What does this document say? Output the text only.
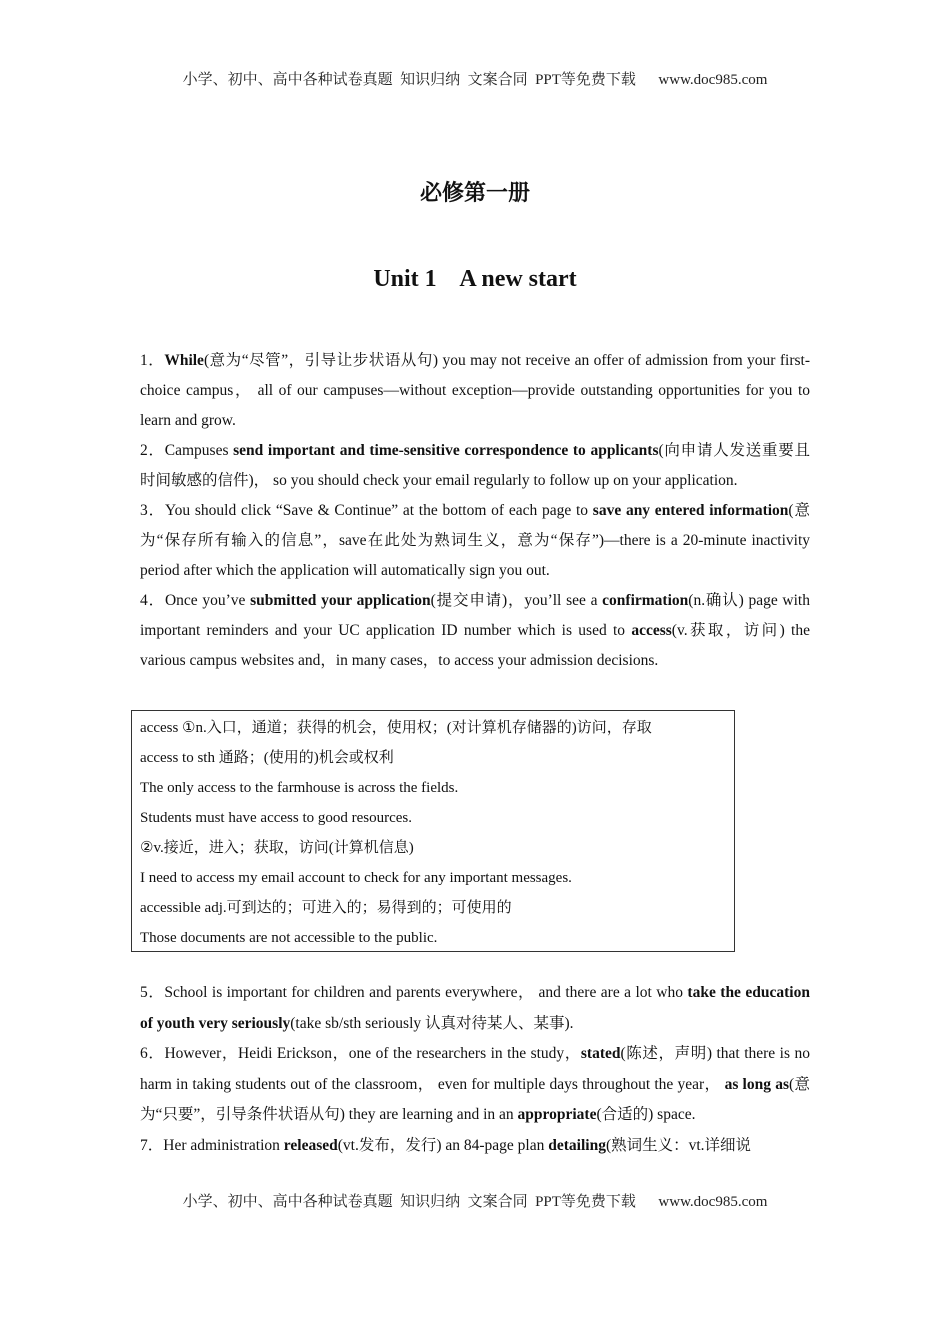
小学、初中、高中各种试卷真题  知识归纳  文案合同  PPT等免费下载      www.doc985.com
必修第一册
Unit 1    A new start

1．While(意为“尽管”，引导让步状语从句) you may not receive an offer of admission from your first-choice campus， all of our campuses—without exception—provide outstanding opportunities for you to learn and grow.

2．Campuses send important and time-sensitive correspondence to applicants(向申请人发送重要且时间敏感的信件)， so you should check your email regularly to follow up on your application.

3．You should click “Save & Continue” at the bottom of each page to save any entered information(意为“保存所有输入的信息”，save在此处为熟词生义，意为“保存”)—there is a 20-minute inactivity period after which the application will automatically sign you out.

4．Once you’ve submitted your application(提交申请)，you’ll see a confirmation(n.确认) page with important reminders and your UC application ID number which is used to access(v.获取，访问) the various campus websites and，in many cases，to access your admission decisions.

access ①n.入口，通道；获得的机会，使用权；(对计算机存储器的)访问，存取

access to sth 通路；(使用的)机会或权利

The only access to the farmhouse is across the fields.

Students must have access to good resources.

②v.接近，进入；获取，访问(计算机信息)

I need to access my email account to check for any important messages.

accessible adj.可到达的；可进入的；易得到的；可使用的

Those documents are not accessible to the public.

5．School is important for children and parents everywhere， and there are a lot who take the education of youth very seriously(take sb/sth seriously 认真对待某人、某事).

6．However，Heidi Erickson，one of the researchers in the study，stated(陈述，声明) that there is no harm in taking students out of the classroom， even for multiple days throughout the year， as long as(意为“只要”，引导条件状语从句) they are learning and in an appropriate(合适的) space.

7．Her administration released(vt.发布，发行) an 84-page plan detailing(熟词生义：vt.详细说

小学、初中、高中各种试卷真题  知识归纳  文案合同  PPT等免费下载      www.doc985.com
